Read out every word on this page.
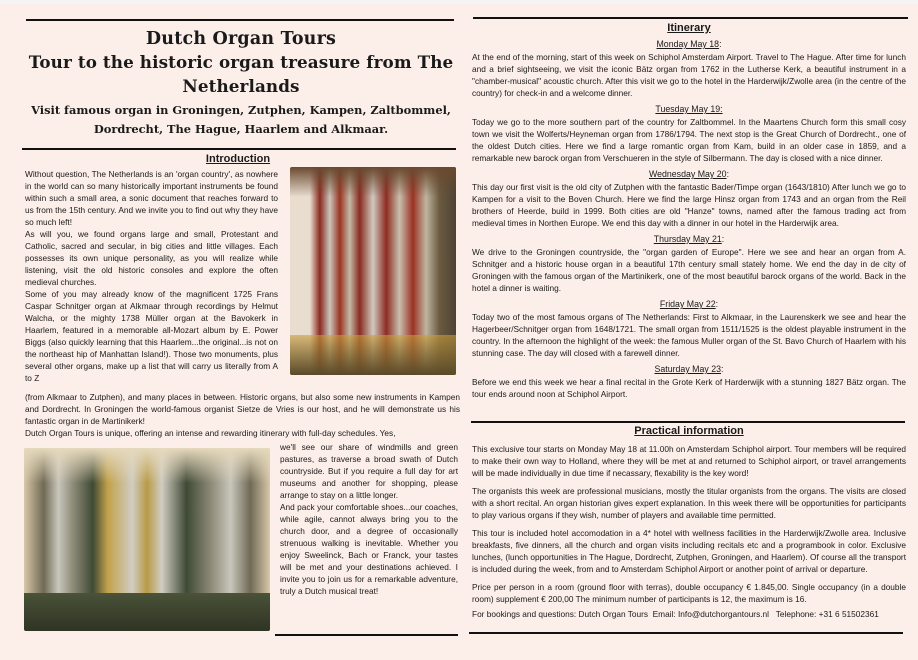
Dutch Organ Tours
Tour to the historic organ treasure from The Netherlands
Visit famous organ in Groningen, Zutphen, Kampen, Zaltbommel, Dordrecht, The Hague, Haarlem and Alkmaar.
Introduction
Without question, The Netherlands is an 'organ country', as nowhere in the world can so many historically important instruments be found within such a small area, a sonic document that reaches forward to us from the 15th century. And we invite you to find out why they have so much left!
As will you, we found organs large and small, Protestant and Catholic, sacred and secular, in big cities and little villages. Each possesses its own unique personality, as you will realize while listening, visit the old historic consoles and explore the often medieval churches.
Some of you may already know of the magnificent 1725 Frans Caspar Schnitger organ at Alkmaar through recordings by Helmut Walcha, or the mighty 1738 Müller organ at the Bavokerk in Haarlem, featured in a memorable all-Mozart album by E. Power Biggs (also quickly learning that this Haarlem...the original...is not on the northeast hip of Manhattan Island!). Those two monuments, plus several other organs, make up a list that will carry us literally from A to Z
(from Alkmaar to Zutphen), and many places in between. Historic organs, but also some new instruments in Kampen and Dordrecht. In Groningen the world-famous organist Sietze de Vries is our host, and he will demonstrate us his fantastic organ in de Martinikerk!
Dutch Organ Tours is unique, offering an intense and rewarding itinerary with full-day schedules. Yes,
we'll see our share of windmills and green pastures, as traverse a broad swath of Dutch countryside. But if you require a full day for art museums and another for shopping, please arrange to stay on a little longer.
And pack your comfortable shoes...our coaches, while agile, cannot always bring you to the church door, and a degree of occasionally strenuous walking is inevitable. Whether you enjoy Sweelinck, Bach or Franck, your tastes will be met and your destinations achieved. I invite you to join us for a remarkable adventure, truly a Dutch musical treat!
Itinerary
Monday May 18:
At the end of the morning, start of this week on Schiphol Amsterdam Airport. Travel to The Hague. After time for lunch and a brief sightseeing, we visit the iconic Bätz organ from 1762 in the Lutherse Kerk, a beautiful instrument in a "chamber-musical" acoustic church. After this visit we go to the hotel in the Harderwijk/Zwolle area (in the centre of the country) for check-in and a welcome dinner.
Tuesday May 19:
Today we go to the more southern part of the country for Zaltbommel. In the Maartens Church form this small cosy town we visit the Wolferts/Heyneman organ from 1786/1794. The next stop is the Great Church of Dordrecht., one of the oldest Dutch cities. Here we find a large romantic organ from Kam, build in an older case in 1859, and a remarkable new barock organ from Verschueren in the style of Silbermann. The day is closed with a nice dinner.
Wednesday May 20:
This day our first visit is the old city of Zutphen with the fantastic Bader/Timpe organ (1643/1810) After lunch we go to Kampen for a visit to the Boven Church. Here we find the large Hinsz organ from 1743 and an organ from the Reil brothers of Heerde, build in 1999. Both cities are old "Hanze" towns, named after the famous trading act from medieval times in Northen Europe. We end this day with a dinner in our hotel in the Harderwijk area.
Thursday May 21:
We drive to the Groningen countryside, the "organ garden of Europe". Here we see and hear an organ from A. Schnitger and a historic house organ in a beautiful 17th century small stately home. We end the day in de city of Groningen with the famous organ of the Martinikerk, one of the most beautiful barock organs of the world. Back in the hotel a dinner is waiting.
Friday May 22:
Today two of the most famous organs of The Netherlands: First to Alkmaar, in the Laurenskerk we see and hear the Hagerbeer/Schnitger organ from 1648/1721. The small organ from 1511/1525 is the oldest playable instrument in the country. In the afternoon the highlight of the week: the famous Muller organ of the St. Bavo Church of Haarlem with his stunning case. The day will closed with a farewell dinner.
Saturday May 23:
Before we end this week we hear a final recital in the Grote Kerk of Harderwijk with a stunning 1827 Bätz organ. The tour ends around noon at Schiphol Airport.
Practical information
This exclusive tour starts on Monday May 18 at 11.00h on Amsterdam Schiphol airport. Tour members will be required to make their own way to Holland, where they will be met at and returned to Schiphol airport, or travel arrangements will be made individually in due time if necassary, flexability is the key word!
The organists this week are professional musicians, mostly the titular organists from the organs. The visits are closed with a short recital. An organ historian gives expert explanation. In this week there will be opportunities for participants to play various organs if they wish, number of players and available time permitted.
This tour is included hotel accomodation in a 4* hotel with wellness facilities in the Harderwijk/Zwolle area. Inclusive breakfasts, five dinners, all the church and organ visits including recitals etc and a programbook in color. Exclusive lunches, (lunch opportunities in The Hague, Dordrecht, Zutphen, Groningen, and Haarlem). Of course all the transport is included during the week, from and to Amsterdam Schiphol Airport or another point of arrival or departure.
Price per person in a room (ground floor with terras), double occupancy € 1.845,00. Single occupancy (in a double room) supplement € 200,00 The minimum number of participants is 12, the maximum is 16.
For bookings and questions: Dutch Organ Tours  Email: Info@dutchorgantours.nl   Telephone: +31 6 51502361
